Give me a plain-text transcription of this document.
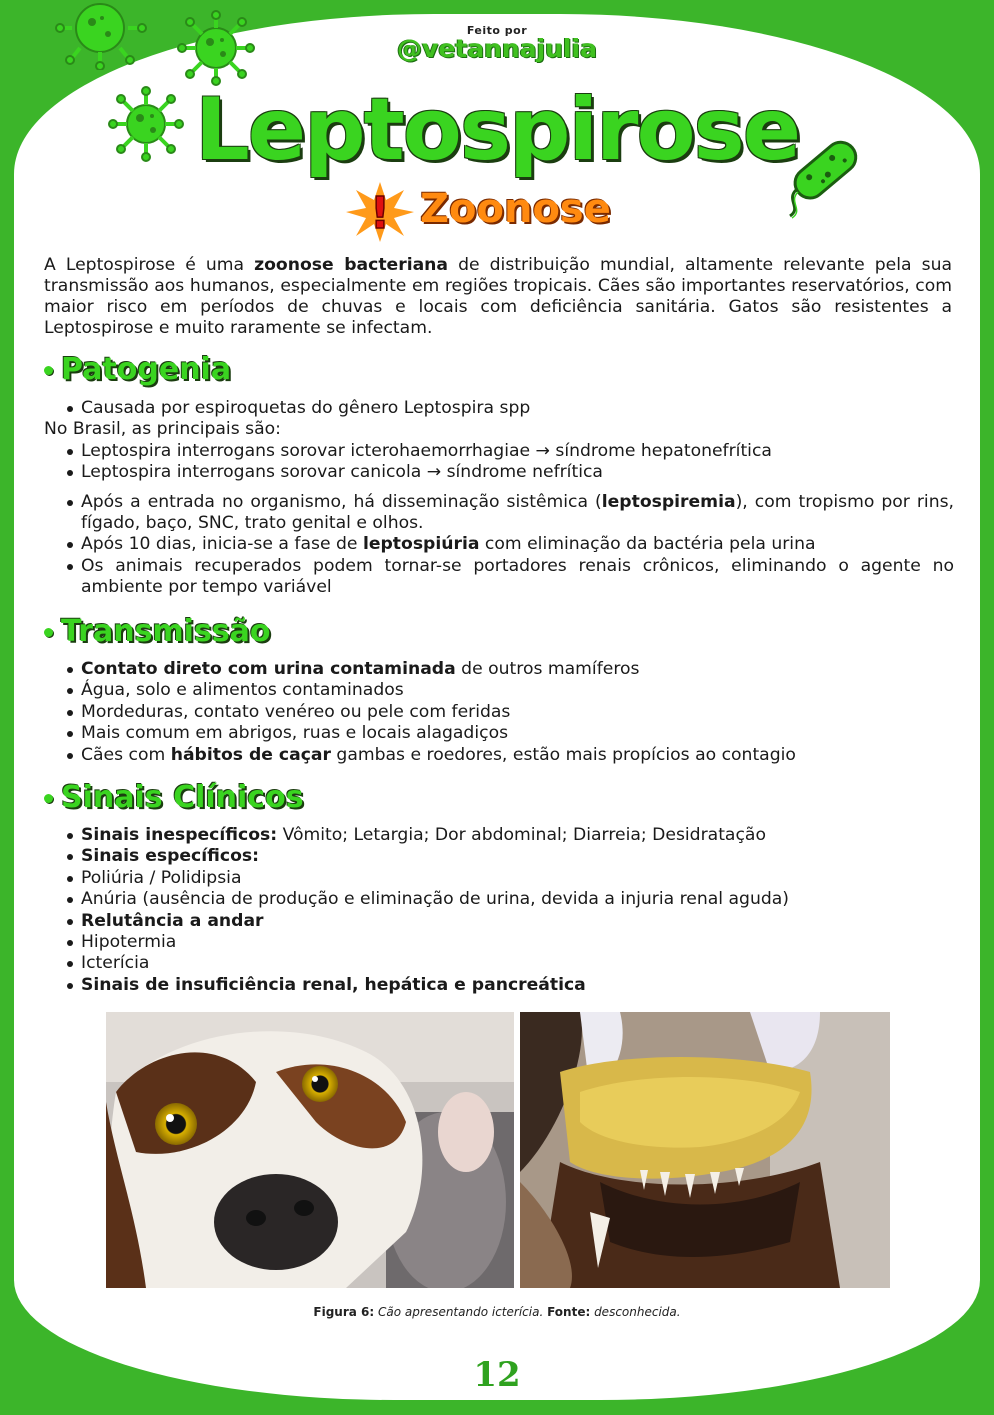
Feito por
@vetannajulia
Leptospirose
! Zoonose
A Leptospirose é uma zoonose bacteriana de distribuição mundial, altamente relevante pela sua transmissão aos humanos, especialmente em regiões tropicais. Cães são importantes reservatórios, com maior risco em períodos de chuvas e locais com deficiência sanitária. Gatos são resistentes a Leptospirose e muito raramente se infectam.
Patogenia
Causada por espiroquetas do gênero Leptospira spp
No Brasil, as principais são:
Leptospira interrogans sorovar icterohaemorrhagiae → síndrome hepatonefrítica
Leptospira interrogans sorovar canicola → síndrome nefrítica
Após a entrada no organismo, há disseminação sistêmica (leptospiremia), com tropismo por rins, fígado, baço, SNC, trato genital e olhos.
Após 10 dias, inicia-se a fase de leptospiúria com eliminação da bactéria pela urina
Os animais recuperados podem tornar-se portadores renais crônicos, eliminando o agente no ambiente por tempo variável
Transmissão
Contato direto com urina contaminada de outros mamíferos
Água, solo e alimentos contaminados
Mordeduras, contato venéreo ou pele com feridas
Mais comum em abrigos, ruas e locais alagadiços
Cães com hábitos de caçar gambas e roedores, estão mais propícios ao contagio
Sinais Clínicos
Sinais inespecíficos: Vômito; Letargia; Dor abdominal; Diarreia; Desidratação
Sinais específicos:
Poliúria / Polidipsia
Anúria (ausência de produção e eliminação de urina, devida a injuria renal aguda)
Relutância a andar
Hipotermia
Icterícia
Sinais de insuficiência renal, hepática e pancreática
Figura 6: Cão apresentando icterícia. Fonte: desconhecida.
12
